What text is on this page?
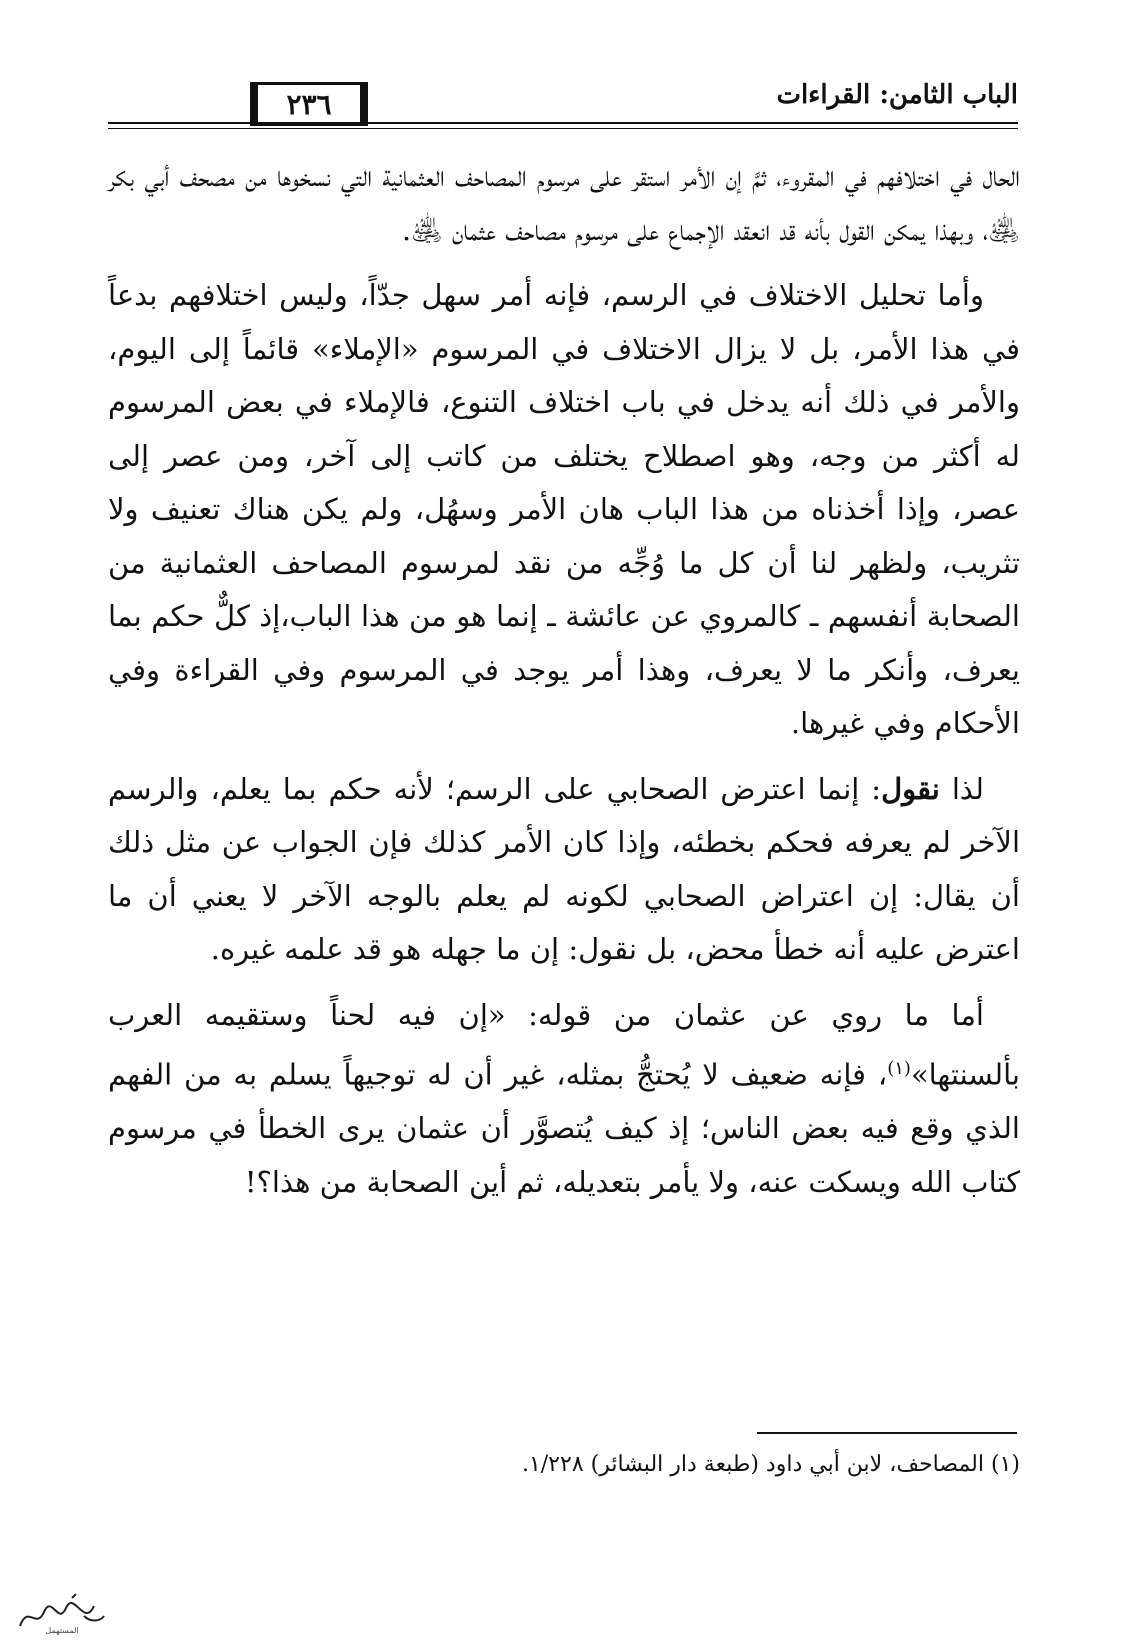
الباب الثامن: القراءات
٢٣٦

الحال في اختلافهم في المقروء، ثمَّ إن الأمر استقر على مرسوم المصاحف العثمانية التي نسخوها من مصحف أبي بكر ﵁، وبهذا يمكن القول بأنه قد انعقد الإجماع على مرسوم مصاحف عثمان ﵁.

وأما تحليل الاختلاف في الرسم، فإنه أمر سهل جدّاً، وليس اختلافهم بدعاً في هذا الأمر، بل لا يزال الاختلاف في المرسوم «الإملاء» قائماً إلى اليوم، والأمر في ذلك أنه يدخل في باب اختلاف التنوع، فالإملاء في بعض المرسوم له أكثر من وجه، وهو اصطلاح يختلف من كاتب إلى آخر، ومن عصر إلى عصر، وإذا أخذناه من هذا الباب هان الأمر وسهُل، ولم يكن هناك تعنيف ولا تثريب، ولظهر لنا أن كل ما وُجِّه من نقد لمرسوم المصاحف العثمانية من الصحابة أنفسهم ـ كالمروي عن عائشة ـ إنما هو من هذا الباب،إذ كلٌّ حكم بما يعرف، وأنكر ما لا يعرف، وهذا أمر يوجد في المرسوم وفي القراءة وفي الأحكام وفي غيرها.

لذا نقول: إنما اعترض الصحابي على الرسم؛ لأنه حكم بما يعلم، والرسم الآخر لم يعرفه فحكم بخطئه، وإذا كان الأمر كذلك فإن الجواب عن مثل ذلك أن يقال: إن اعتراض الصحابي لكونه لم يعلم بالوجه الآخر لا يعني أن ما اعترض عليه أنه خطأ محض، بل نقول: إن ما جهله هو قد علمه غيره.

أما ما روي عن عثمان من قوله: «إن فيه لحناً وستقيمه العرب بألسنتها»$^{(١)}$، فإنه ضعيف لا يُحتجُّ بمثله، غير أن له توجيهاً يسلم به من الفهم الذي وقع فيه بعض الناس؛ إذ كيف يُتصوَّر أن عثمان يرى الخطأ في مرسوم كتاب الله ويسكت عنه، ولا يأمر بتعديله، ثم أين الصحابة من هذا؟!

(١) المصاحف، لابن أبي داود (طبعة دار البشائر) ١/٢٢٨.
المستهمل
